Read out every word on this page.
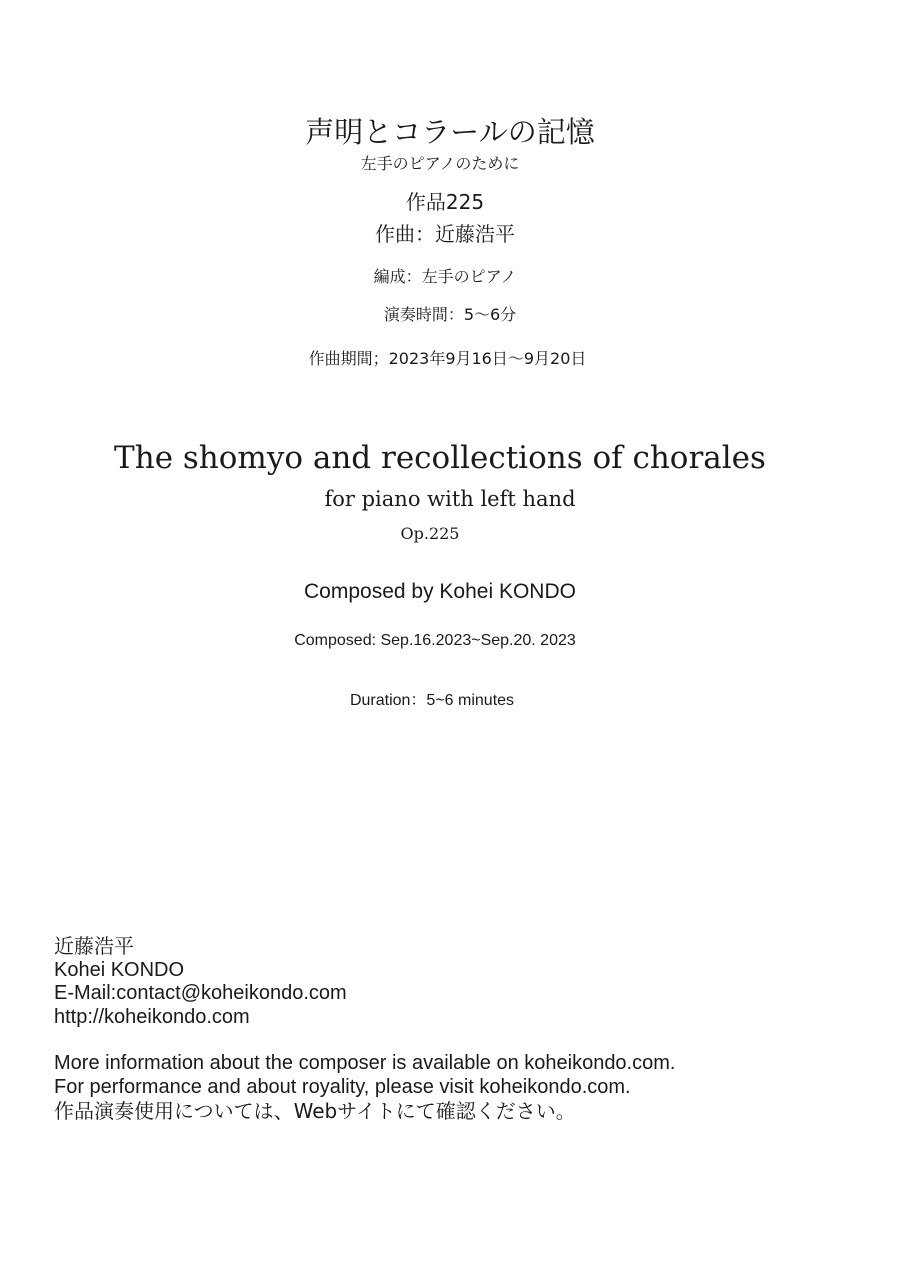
声明とコラールの記憶
左手のピアノのために
作品225
作曲：近藤浩平
編成：左手のピアノ
演奏時間：5〜6分
作曲期間；2023年9月16日〜9月20日
The shomyo and recollections of chorales
for piano with left hand
Op.225
Composed by Kohei KONDO
Composed: Sep.16.2023~Sep.20. 2023
Duration：5~6 minutes
近藤浩平
Kohei KONDO
E-Mail:contact@koheikondo.com
http://koheikondo.com
More information about the composer is available on koheikondo.com.
For performance and about royality, please visit koheikondo.com.
作品演奏使用については、Webサイトにて確認ください。
